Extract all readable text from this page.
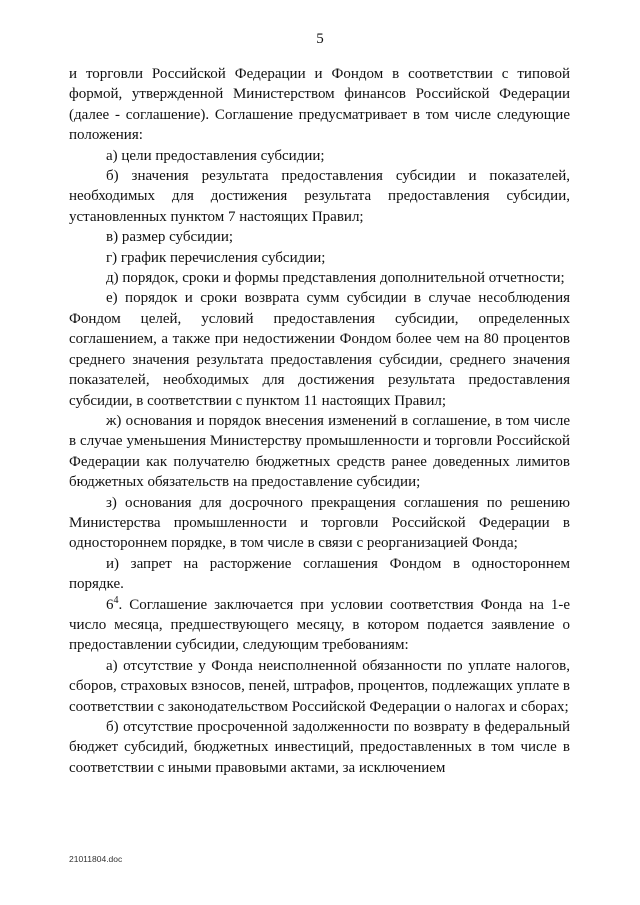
5

и торговли Российской Федерации и Фондом в соответствии с типовой формой, утвержденной Министерством финансов Российской Федерации (далее - соглашение). Соглашение предусматривает в том числе следующие положения:

а) цели предоставления субсидии;

б) значения результата предоставления субсидии и показателей, необходимых для достижения результата предоставления субсидии, установленных пунктом 7 настоящих Правил;

в) размер субсидии;

г) график перечисления субсидии;

д) порядок, сроки и формы представления дополнительной отчетности;

е) порядок и сроки возврата сумм субсидии в случае несоблюдения Фондом целей, условий предоставления субсидии, определенных соглашением, а также при недостижении Фондом более чем на 80 процентов среднего значения результата предоставления субсидии, среднего значения показателей, необходимых для достижения результата предоставления субсидии, в соответствии с пунктом 11 настоящих Правил;

ж) основания и порядок внесения изменений в соглашение, в том числе в случае уменьшения Министерству промышленности и торговли Российской Федерации как получателю бюджетных средств ранее доведенных лимитов бюджетных обязательств на предоставление субсидии;

з) основания для досрочного прекращения соглашения по решению Министерства промышленности и торговли Российской Федерации в одностороннем порядке, в том числе в связи с реорганизацией Фонда;

и) запрет на расторжение соглашения Фондом в одностороннем порядке.

$6^4$. Соглашение заключается при условии соответствия Фонда на 1-е число месяца, предшествующего месяцу, в котором подается заявление о предоставлении субсидии, следующим требованиям:

а) отсутствие у Фонда неисполненной обязанности по уплате налогов, сборов, страховых взносов, пеней, штрафов, процентов, подлежащих уплате в соответствии с законодательством Российской Федерации о налогах и сборах;

б) отсутствие просроченной задолженности по возврату в федеральный бюджет субсидий, бюджетных инвестиций, предоставленных в том числе в соответствии с иными правовыми актами, за исключением

21011804.doc
